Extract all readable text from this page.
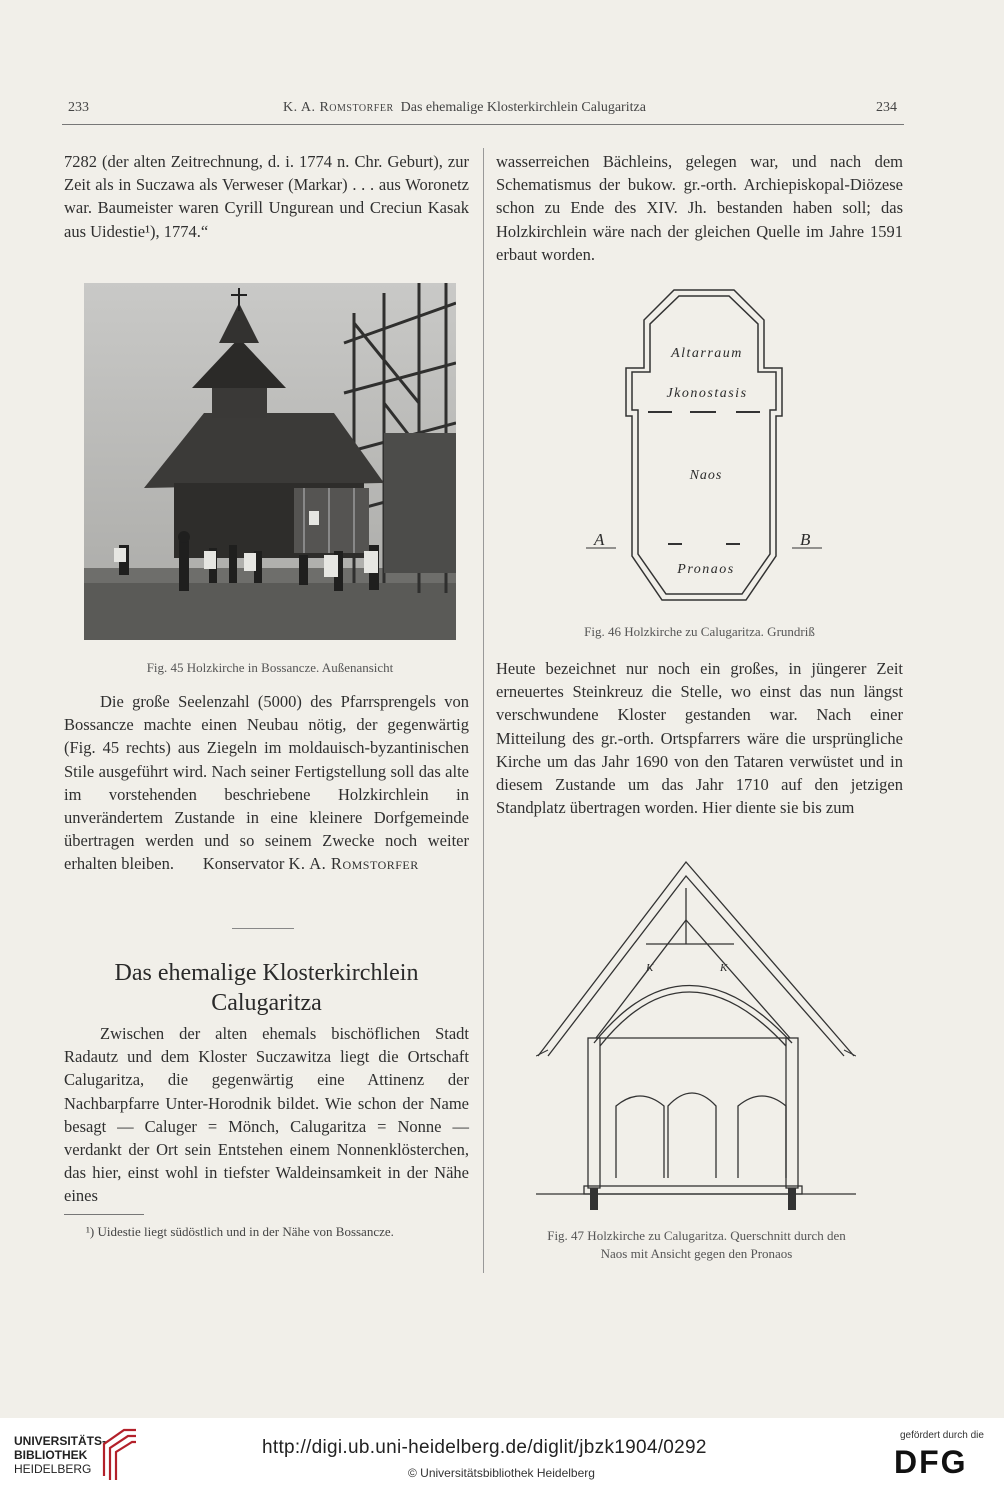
233	K. A. Romstorfer Das ehemalige Klosterkirchlein Calugaritza	234
7282 (der alten Zeitrechnung, d. i. 1774 n. Chr. Geburt), zur Zeit als in Suczawa als Verweser (Markar) . . . aus Woronetz war. Baumeister waren Cyrill Ungurean und Creciun Kasak aus Uidestie¹), 1774.“
Fig. 45 Holzkirche in Bossancze. Außenansicht

Die große Seelenzahl (5000) des Pfarrsprengels von Bossancze machte einen Neubau nötig, der gegenwärtig (Fig. 45 rechts) aus Ziegeln im moldauisch-byzantinischen Stile ausgeführt wird. Nach seiner Fertigstellung soll das alte im vorstehenden beschriebene Holzkirchlein in unverändertem Zustande in eine kleinere Dorfgemeinde übertragen werden und so seinem Zwecke noch weiter erhalten bleiben. Konservator K. A. Romstorfer

Das ehemalige Klosterkirchlein
Calugaritza

Zwischen der alten ehemals bischöflichen Stadt Radautz und dem Kloster Suczawitza liegt die Ortschaft Calugaritza, die gegenwärtig eine Attinenz der Nachbarpfarre Unter-Horodnik bildet. Wie schon der Name besagt — Caluger = Mönch, Calugaritza = Nonne — verdankt der Ort sein Entstehen einem Nonnenklösterchen, das hier, einst wohl in tiefster Waldeinsamkeit in der Nähe eines

¹) Uidestie liegt südöstlich und in der Nähe von Bossancze.
wasserreichen Bächleins, gelegen war, und nach dem Schematismus der bukow. gr.-orth. Archiepiskopal-Diözese schon zu Ende des XIV. Jh. bestanden haben soll; das Holzkirchlein wäre nach der gleichen Quelle im Jahre 1591 erbaut worden.
Altarraum
Jkonostasis
Naos
Pronaos
A	B
Fig. 46 Holzkirche zu Calugaritza. Grundriß
Heute bezeichnet nur noch ein großes, in jüngerer Zeit erneuertes Steinkreuz die Stelle, wo einst das nun längst verschwundene Kloster gestanden war. Nach einer Mitteilung des gr.-orth. Ortspfarrers wäre die ursprüngliche Kirche um das Jahr 1690 von den Tataren verwüstet und in diesem Zustande um das Jahr 1710 auf den jetzigen Standplatz übertragen worden. Hier diente sie bis zum
K	K
Fig. 47 Holzkirche zu Calugaritza. Querschnitt durch den
Naos mit Ansicht gegen den Pronaos
UNIVERSITÄTS-
BIBLIOTHEK
HEIDELBERG
http://digi.ub.uni-heidelberg.de/diglit/jbzk1904/0292
© Universitätsbibliothek Heidelberg
gefördert durch die
DFG
